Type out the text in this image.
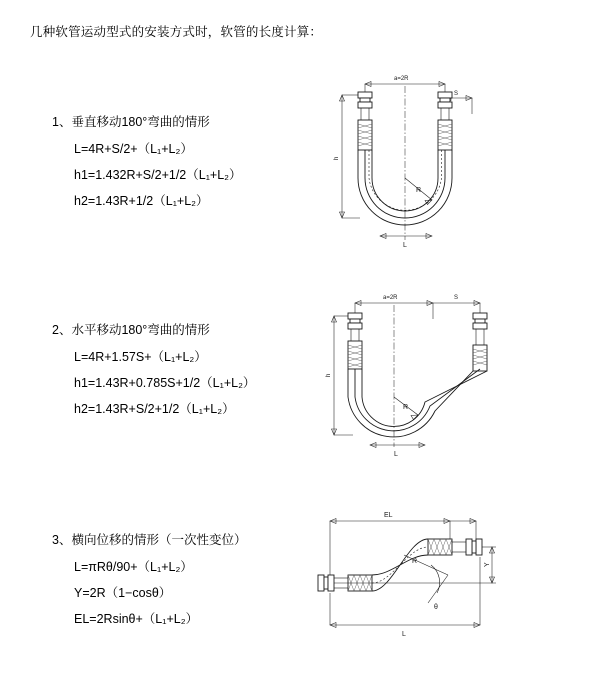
几种软管运动型式的安装方式时，软管的长度计算：
1、垂直移动180°弯曲的情形
L=4R+S/2+（L₁+L₂）
h1=1.432R+S/2+1/2（L₁+L₂）
h2=1.43R+1/2（L₁+L₂）
a=2R
S
R
h
L
2、水平移动180°弯曲的情形
L=4R+1.57S+（L₁+L₂）
h1=1.43R+0.785S+1/2（L₁+L₂）
h2=1.43R+S/2+1/2（L₁+L₂）
a=2R	S
R
h
L
3、横向位移的情形（一次性变位）
L=πRθ/90+（L₁+L₂）
Y=2R（1−cosθ）
EL=2Rsinθ+（L₁+L₂）
EL
Y
R
θ
L
